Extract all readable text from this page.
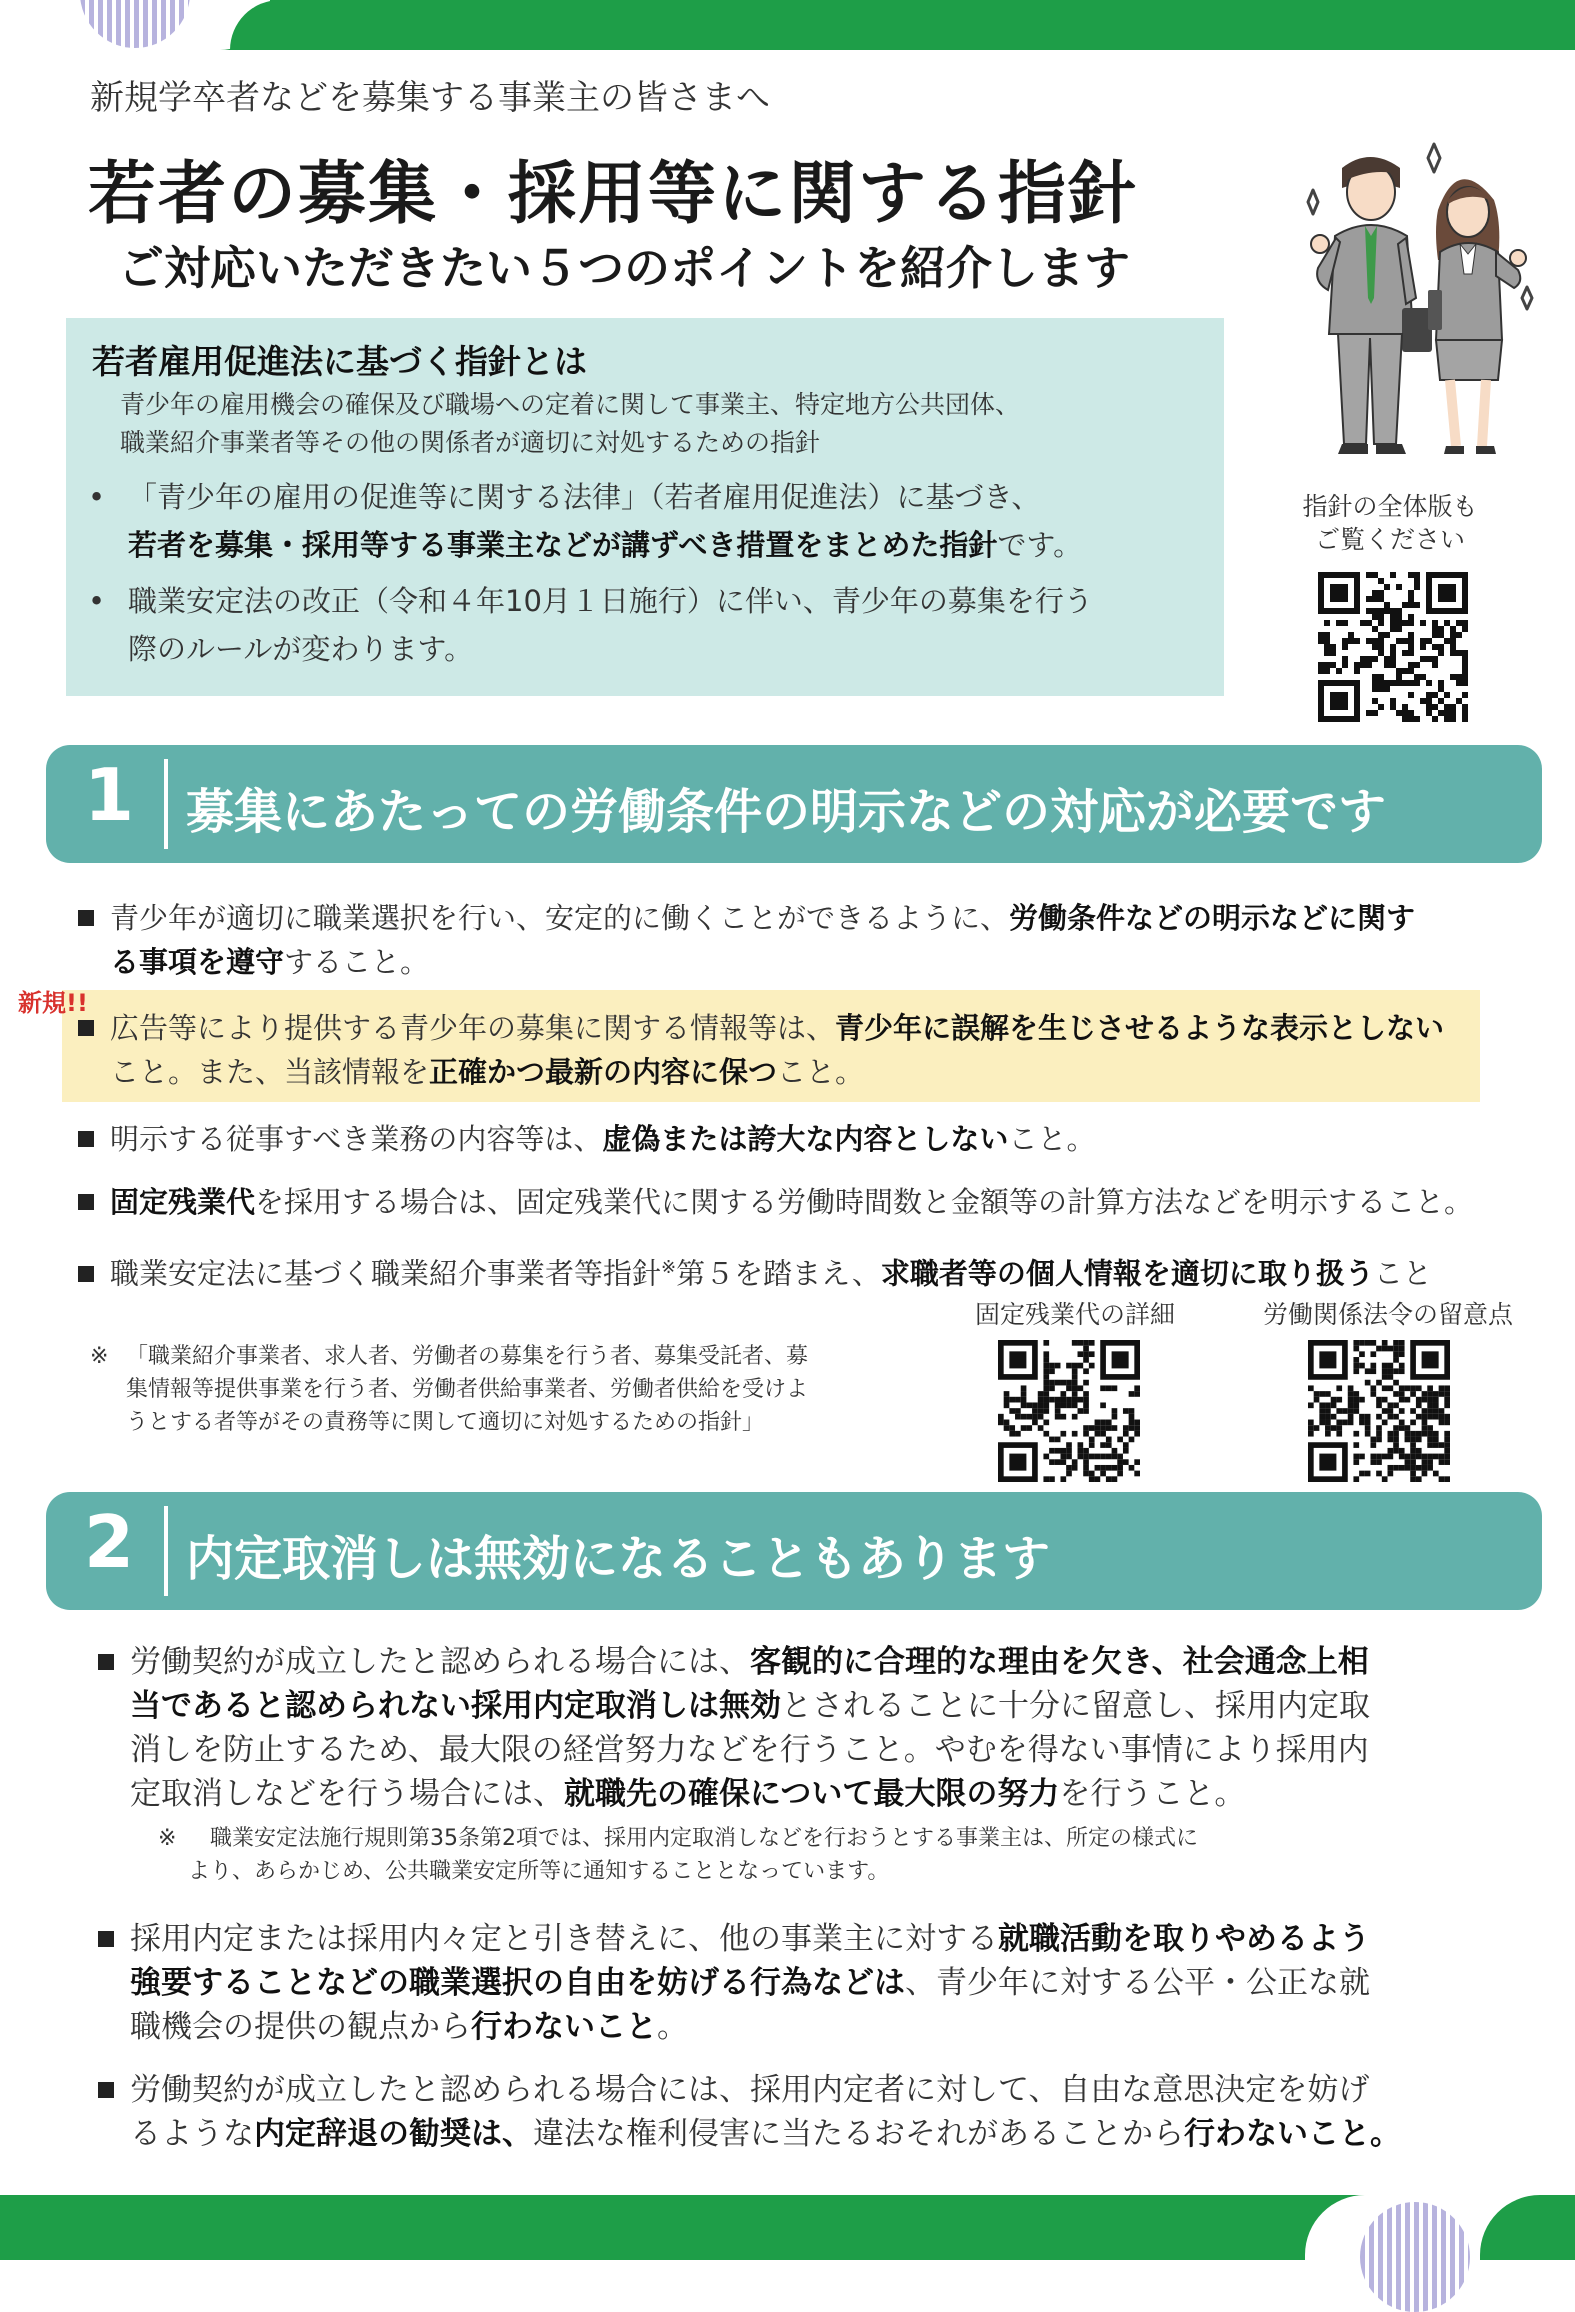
新規学卒者などを募集する事業主の皆さまへ
若者の募集・採用等に関する指針
ご対応いただきたい５つのポイントを紹介します
若者雇用促進法に基づく指針とは
青少年の雇用機会の確保及び職場への定着に関して事業主、特定地方公共団体、
職業紹介事業者等その他の関係者が適切に対処するための指針
• 「青少年の雇用の促進等に関する法律」（若者雇用促進法）に基づき、
若者を募集・採用等する事業主などが講ずべき措置をまとめた指針です。
• 職業安定法の改正（令和４年10月１日施行）に伴い、青少年の募集を行う
際のルールが変わります。
指針の全体版も
ご覧ください
1 募集にあたっての労働条件の明示などの対応が必要です
青少年が適切に職業選択を行い、安定的に働くことができるように、労働条件などの明示などに関す
る事項を遵守すること。
新規!!
広告等により提供する青少年の募集に関する情報等は、青少年に誤解を生じさせるような表示としない
こと。また、当該情報を正確かつ最新の内容に保つこと。
明示する従事すべき業務の内容等は、虚偽または誇大な内容としないこと。
固定残業代を採用する場合は、固定残業代に関する労働時間数と金額等の計算方法などを明示すること。
職業安定法に基づく職業紹介事業者等指針※第５を踏まえ、求職者等の個人情報を適切に取り扱うこと
※ 「職業紹介事業者、求人者、労働者の募集を行う者、募集受託者、募
集情報等提供事業を行う者、労働者供給事業者、労働者供給を受けよ
うとする者等がその責務等に関して適切に対処するための指針」
固定残業代の詳細	労働関係法令の留意点
2 内定取消しは無効になることもあります
労働契約が成立したと認められる場合には、客観的に合理的な理由を欠き、社会通念上相
当であると認められない採用内定取消しは無効とされることに十分に留意し、採用内定取
消しを防止するため、最大限の経営努力などを行うこと。やむを得ない事情により採用内
定取消しなどを行う場合には、就職先の確保について最大限の努力を行うこと。
※ 職業安定法施行規則第35条第2項では、採用内定取消しなどを行おうとする事業主は、所定の様式に
より、あらかじめ、公共職業安定所等に通知することとなっています。
採用内定または採用内々定と引き替えに、他の事業主に対する就職活動を取りやめるよう
強要することなどの職業選択の自由を妨げる行為などは、青少年に対する公平・公正な就
職機会の提供の観点から行わないこと。
労働契約が成立したと認められる場合には、採用内定者に対して、自由な意思決定を妨げ
るような内定辞退の勧奨は、違法な権利侵害に当たるおそれがあることから行わないこと。
